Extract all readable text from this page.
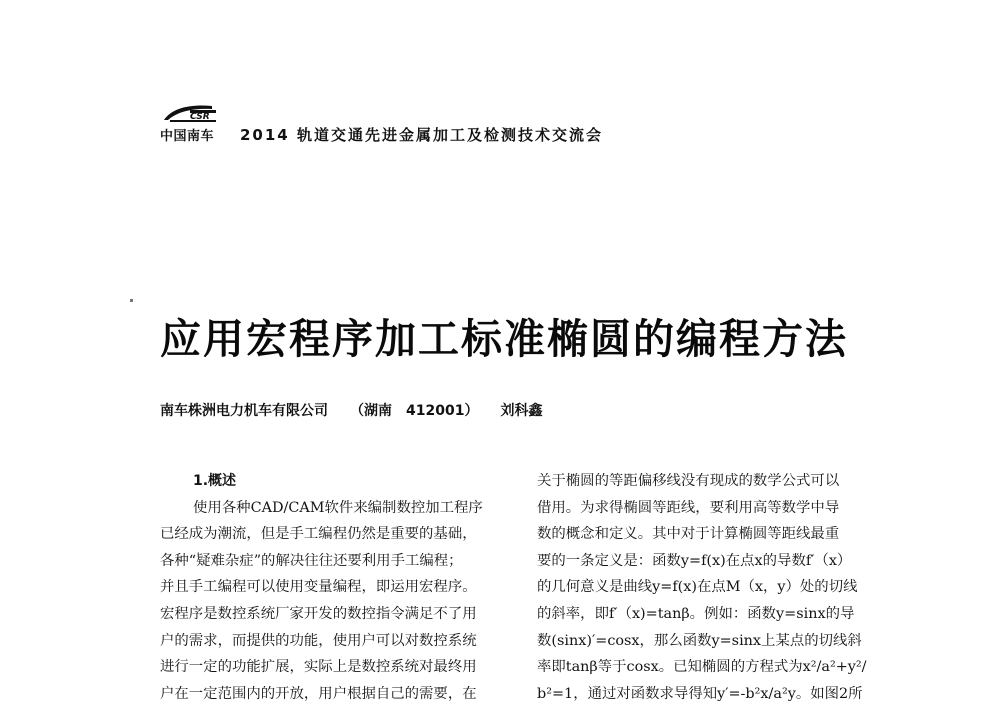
CSR
中国南车 2014 轨道交通先进金属加工及检测技术交流会
应用宏程序加工标准椭圆的编程方法
南车株洲电力机车有限公司 （湖南　412001） 刘科鑫
1.概述
使用各种CAD/CAM软件来编制数控加工程序
已经成为潮流，但是手工编程仍然是重要的基础，
各种“疑难杂症”的解决往往还要利用手工编程；
并且手工编程可以使用变量编程，即运用宏程序。
宏程序是数控系统厂家开发的数控指令满足不了用
户的需求，而提供的功能，使用户可以对数控系统
进行一定的功能扩展，实际上是数控系统对最终用
户在一定范围内的开放，用户根据自己的需要，在
关于椭圆的等距偏移线没有现成的数学公式可以
借用。为求得椭圆等距线，要利用高等数学中导
数的概念和定义。其中对于计算椭圆等距线最重
要的一条定义是：函数y=f(x)在点x的导数f′（x）
的几何意义是曲线y=f(x)在点M（x，y）处的切线
的斜率，即f′（x)=tanβ。例如：函数y=sinx的导
数(sinx)′=cosx，那么函数y=sinx上某点的切线斜
率即tanβ等于cosx。已知椭圆的方程式为x²/a²+y²/
b²=1，通过对函数求导得知y′=-b²x/a²y。如图2所
